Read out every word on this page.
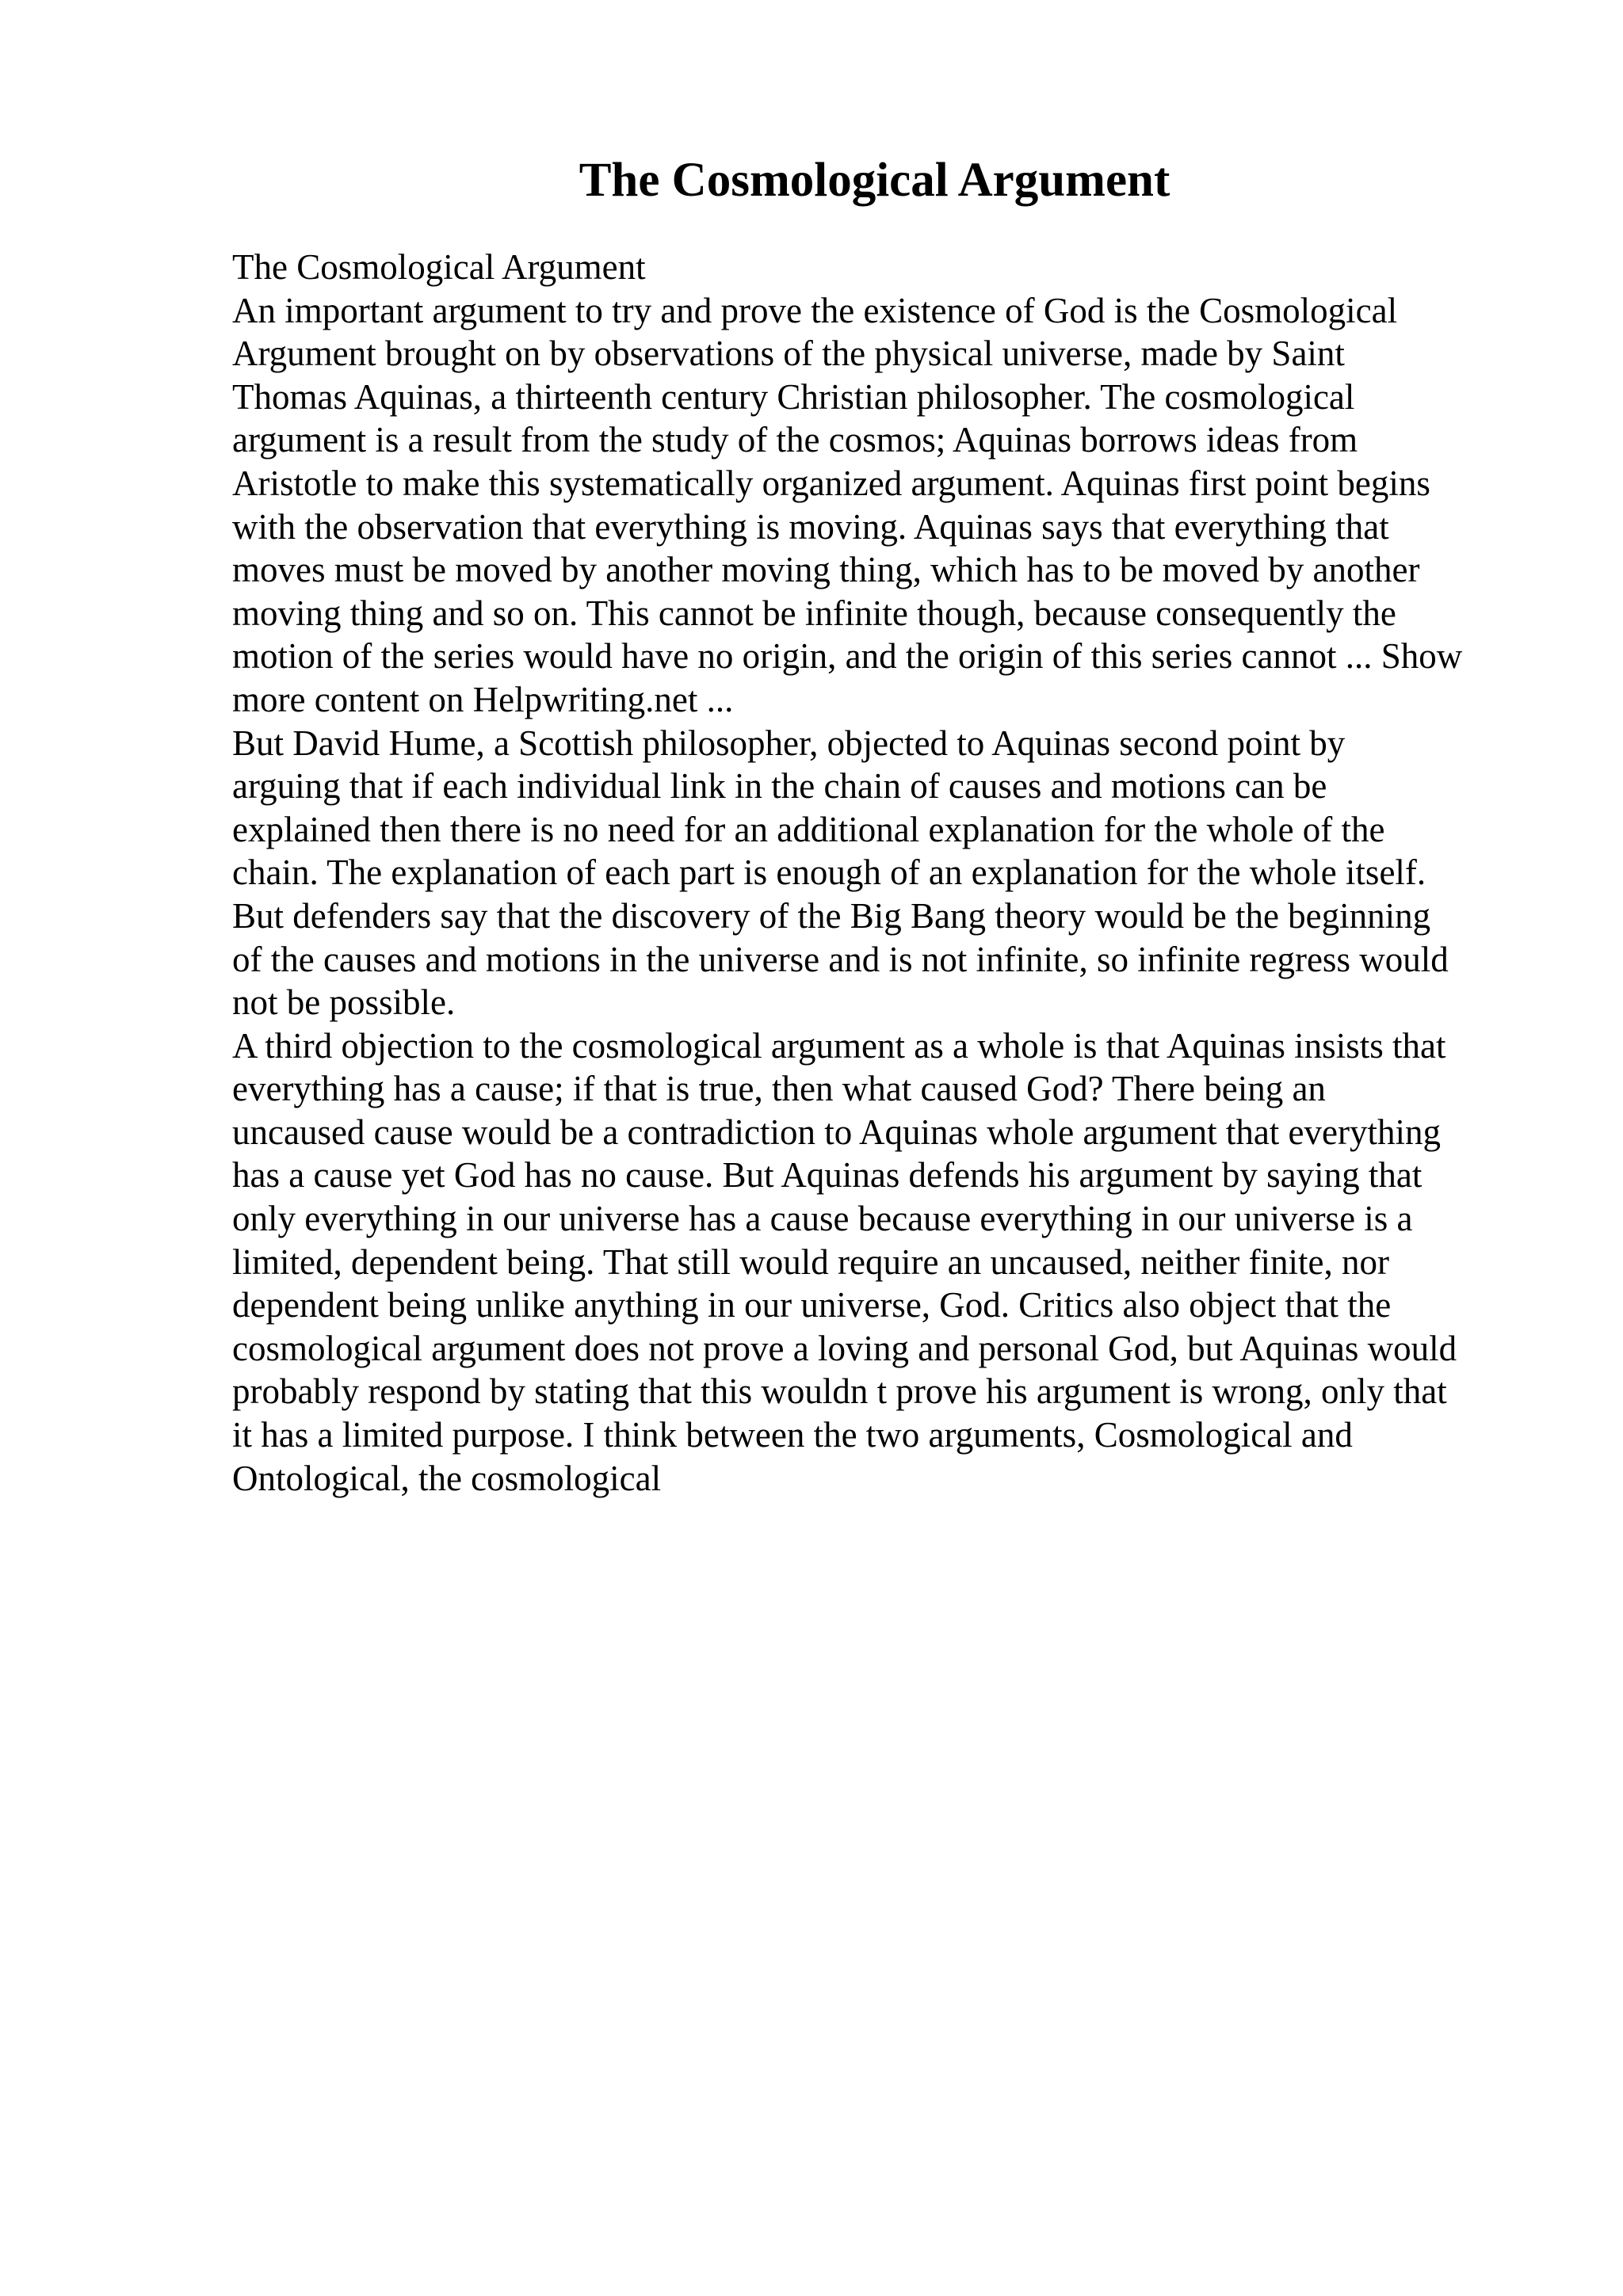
The Cosmological Argument
The Cosmological Argument
An important argument to try and prove the existence of God is the Cosmological
Argument brought on by observations of the physical universe, made by Saint
Thomas Aquinas, a thirteenth century Christian philosopher. The cosmological
argument is a result from the study of the cosmos; Aquinas borrows ideas from
Aristotle to make this systematically organized argument. Aquinas first point begins
with the observation that everything is moving. Aquinas says that everything that
moves must be moved by another moving thing, which has to be moved by another
moving thing and so on. This cannot be infinite though, because consequently the
motion of the series would have no origin, and the origin of this series cannot ... Show
more content on Helpwriting.net ...
But David Hume, a Scottish philosopher, objected to Aquinas second point by
arguing that if each individual link in the chain of causes and motions can be
explained then there is no need for an additional explanation for the whole of the
chain. The explanation of each part is enough of an explanation for the whole itself.
But defenders say that the discovery of the Big Bang theory would be the beginning
of the causes and motions in the universe and is not infinite, so infinite regress would
not be possible.
A third objection to the cosmological argument as a whole is that Aquinas insists that
everything has a cause; if that is true, then what caused God? There being an
uncaused cause would be a contradiction to Aquinas whole argument that everything
has a cause yet God has no cause. But Aquinas defends his argument by saying that
only everything in our universe has a cause because everything in our universe is a
limited, dependent being. That still would require an uncaused, neither finite, nor
dependent being unlike anything in our universe, God. Critics also object that the
cosmological argument does not prove a loving and personal God, but Aquinas would
probably respond by stating that this wouldn t prove his argument is wrong, only that
it has a limited purpose. I think between the two arguments, Cosmological and
Ontological, the cosmological
